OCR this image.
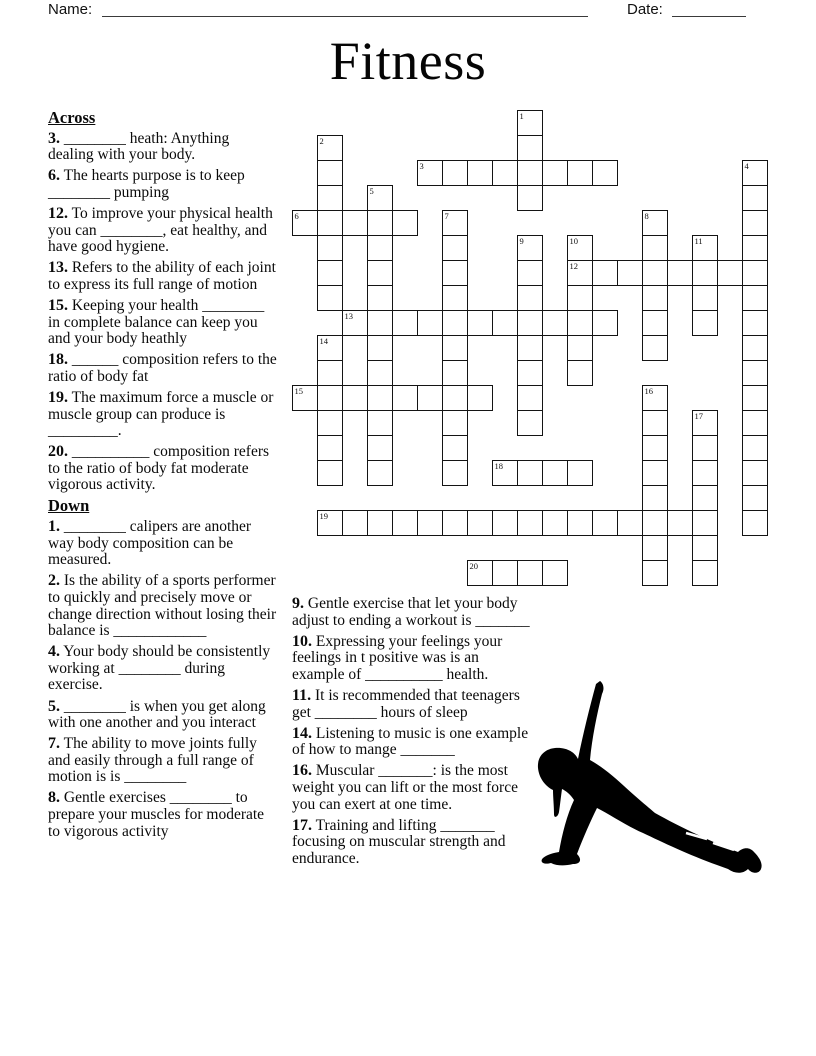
Name:	Date:
Fitness
3
6
12
13
15
18
19
20
1
2
4
5
7	8
9	10	11
14
16
17

Across

3. ________ heath: Anything dealing with your body.

6. The hearts purpose is to keep ________ pumping

12. To improve your physical health you can ________, eat healthy, and have good hygiene.

13. Refers to the ability of each joint to express its full range of motion

15. Keeping your health ________ in complete balance can keep you and your body heathly

18. ______ composition refers to the ratio of body fat

19. The maximum force a muscle or muscle group can produce is _________.

20. __________ composition refers to the ratio of body fat moderate vigorous activity.

Down

1. ________ calipers are another way body composition can be measured.

2. Is the ability of a sports performer to quickly and precisely move or change direction without losing their balance is ____________

4. Your body should be consistently working at ________ during exercise.

5. ________ is when you get along with one another and you interact

7. The ability to move joints fully and easily through a full range of motion is is ________

8. Gentle exercises ________ to prepare your muscles for moderate to vigorous activity

9. Gentle exercise that let your body adjust to ending a workout is _______

10. Expressing your feelings your feelings in t positive was is an example of __________ health.

11. It is recommended that teenagers get ________ hours of sleep

14. Listening to music is one example of how to mange _______

16. Muscular _______: is the most weight you can lift or the most force you can exert at one time.

17. Training and lifting _______ focusing on muscular strength and endurance.
